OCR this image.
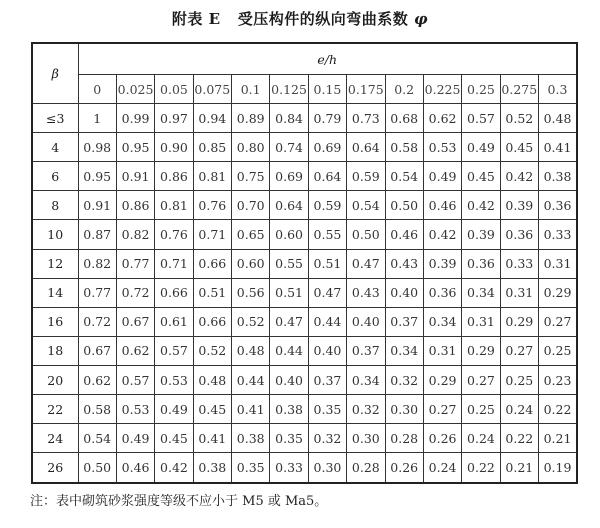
附表 E 受压构件的纵向弯曲系数 φ
β	e/h												
	0	0.025	0.05	0.075	0.1	0.125	0.15	0.175	0.2	0.225	0.25	0.275	0.3
≤3	1	0.99	0.97	0.94	0.89	0.84	0.79	0.73	0.68	0.62	0.57	0.52	0.48
4	0.98	0.95	0.90	0.85	0.80	0.74	0.69	0.64	0.58	0.53	0.49	0.45	0.41
6	0.95	0.91	0.86	0.81	0.75	0.69	0.64	0.59	0.54	0.49	0.45	0.42	0.38
8	0.91	0.86	0.81	0.76	0.70	0.64	0.59	0.54	0.50	0.46	0.42	0.39	0.36
10	0.87	0.82	0.76	0.71	0.65	0.60	0.55	0.50	0.46	0.42	0.39	0.36	0.33
12	0.82	0.77	0.71	0.66	0.60	0.55	0.51	0.47	0.43	0.39	0.36	0.33	0.31
14	0.77	0.72	0.66	0.51	0.56	0.51	0.47	0.43	0.40	0.36	0.34	0.31	0.29
16	0.72	0.67	0.61	0.66	0.52	0.47	0.44	0.40	0.37	0.34	0.31	0.29	0.27
18	0.67	0.62	0.57	0.52	0.48	0.44	0.40	0.37	0.34	0.31	0.29	0.27	0.25
20	0.62	0.57	0.53	0.48	0.44	0.40	0.37	0.34	0.32	0.29	0.27	0.25	0.23
22	0.58	0.53	0.49	0.45	0.41	0.38	0.35	0.32	0.30	0.27	0.25	0.24	0.22
24	0.54	0.49	0.45	0.41	0.38	0.35	0.32	0.30	0.28	0.26	0.24	0.22	0.21
26	0.50	0.46	0.42	0.38	0.35	0.33	0.30	0.28	0.26	0.24	0.22	0.21	0.19
注：表中砌筑砂浆强度等级不应小于 M5 或 Ma5。
